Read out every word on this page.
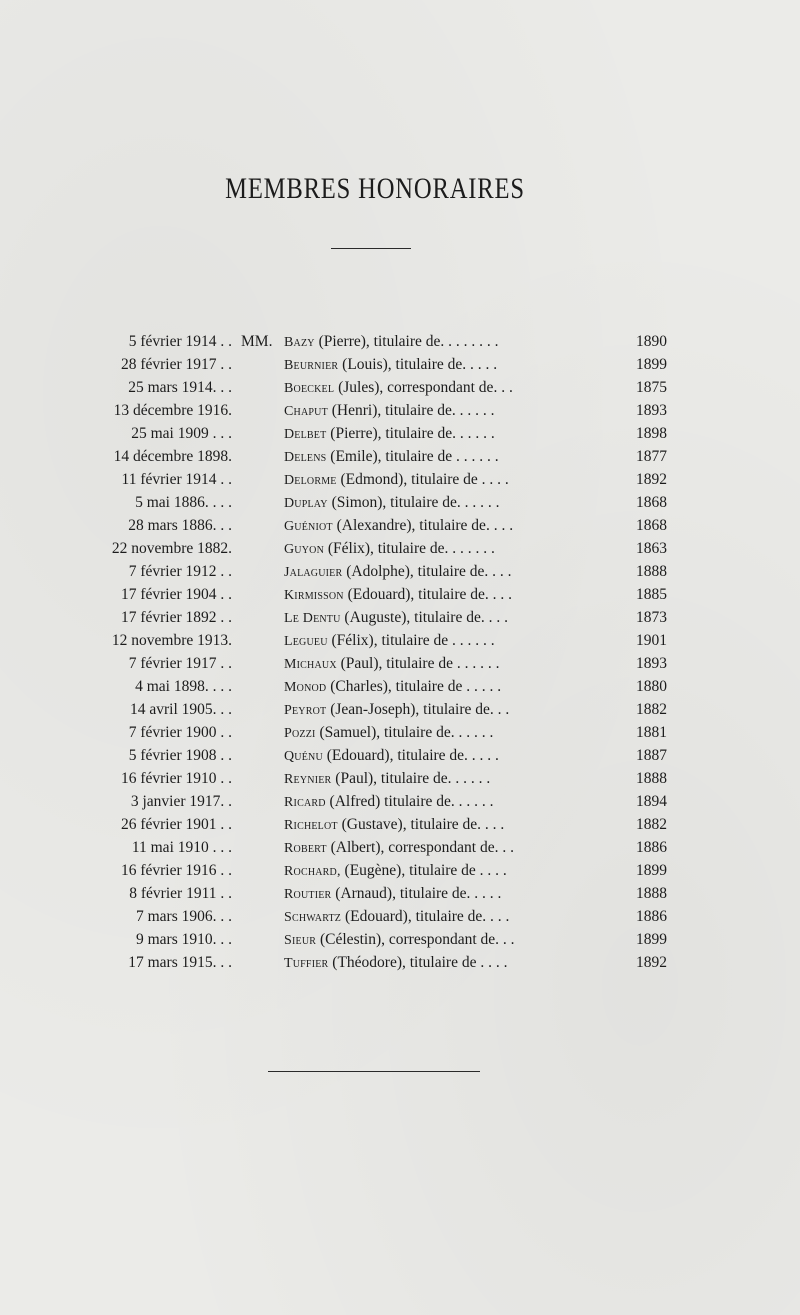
MEMBRES HONORAIRES
5 février 1914 . . MM. Bazy (Pierre), titulaire de. . . . . . . .	1890
28 février 1917 . .	Beurnier (Louis), titulaire de. . . . .	1899
25 mars 1914. . .	Boeckel (Jules), correspondant de. . .	1875
13 décembre 1916.	Chaput (Henri), titulaire de. . . . . .	1893
25 mai 1909 . . .	Delbet (Pierre), titulaire de. . . . . .	1898
14 décembre 1898.	Delens (Emile), titulaire de . . . . . .	1877
11 février 1914 . .	Delorme (Edmond), titulaire de . . . .	1892
5 mai 1886. . . .	Duplay (Simon), titulaire de. . . . . .	1868
28 mars 1886. . .	Guéniot (Alexandre), titulaire de. . . .	1868
22 novembre 1882.	Guyon (Félix), titulaire de. . . . . . .	1863
7 février 1912 . .	Jalaguier (Adolphe), titulaire de. . . .	1888
17 février 1904 . .	Kirmisson (Edouard), titulaire de. . . .	1885
17 février 1892 . .	Le Dentu (Auguste), titulaire de. . . .	1873
12 novembre 1913.	Legueu (Félix), titulaire de . . . . . .	1901
7 février 1917 . .	Michaux (Paul), titulaire de . . . . . .	1893
4 mai 1898. . . .	Monod (Charles), titulaire de . . . . .	1880
14 avril 1905. . .	Peyrot (Jean-Joseph), titulaire de. . .	1882
7 février 1900 . .	Pozzi (Samuel), titulaire de. . . . . .	1881
5 février 1908 . .	Quénu (Edouard), titulaire de. . . . .	1887
16 février 1910 . .	Reynier (Paul), titulaire de. . . . . .	1888
3 janvier 1917. .	Ricard (Alfred) titulaire de. . . . . .	1894
26 février 1901 . .	Richelot (Gustave), titulaire de. . . .	1882
11 mai 1910 . . .	Robert (Albert), correspondant de. . .	1886
16 février 1916 . .	Rochard, (Eugène), titulaire de . . . .	1899
8 février 1911 . .	Routier (Arnaud), titulaire de. . . . .	1888
7 mars 1906. . .	Schwartz (Edouard), titulaire de. . . .	1886
9 mars 1910. . .	Sieur (Célestin), correspondant de. . .	1899
17 mars 1915. . .	Tuffier (Théodore), titulaire de . . . .	1892
